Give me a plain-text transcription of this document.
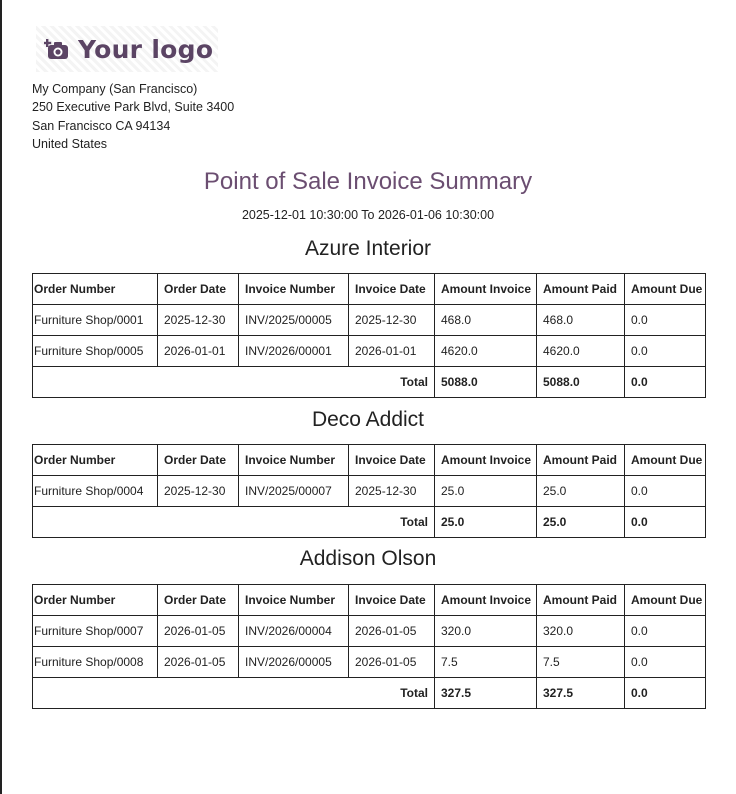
Your logo
My Company (San Francisco)
250 Executive Park Blvd, Suite 3400
San Francisco CA 94134
United States
Point of Sale Invoice Summary
2025-12-01 10:30:00 To 2026-01-06 10:30:00
Azure Interior
Order Number	Order Date	Invoice Number	Invoice Date	Amount Invoice	Amount Paid	Amount Due
Furniture Shop/0001	2025-12-30	INV/2025/00005	2025-12-30	468.0	468.0	0.0
Furniture Shop/0005	2026-01-01	INV/2026/00001	2026-01-01	4620.0	4620.0	0.0
Total				5088.0	5088.0	0.0
Deco Addict
Order Number	Order Date	Invoice Number	Invoice Date	Amount Invoice	Amount Paid	Amount Due
Furniture Shop/0004	2025-12-30	INV/2025/00007	2025-12-30	25.0	25.0	0.0
Total				25.0	25.0	0.0
Addison Olson
Order Number	Order Date	Invoice Number	Invoice Date	Amount Invoice	Amount Paid	Amount Due
Furniture Shop/0007	2026-01-05	INV/2026/00004	2026-01-05	320.0	320.0	0.0
Furniture Shop/0008	2026-01-05	INV/2026/00005	2026-01-05	7.5	7.5	0.0
Total				327.5	327.5	0.0
